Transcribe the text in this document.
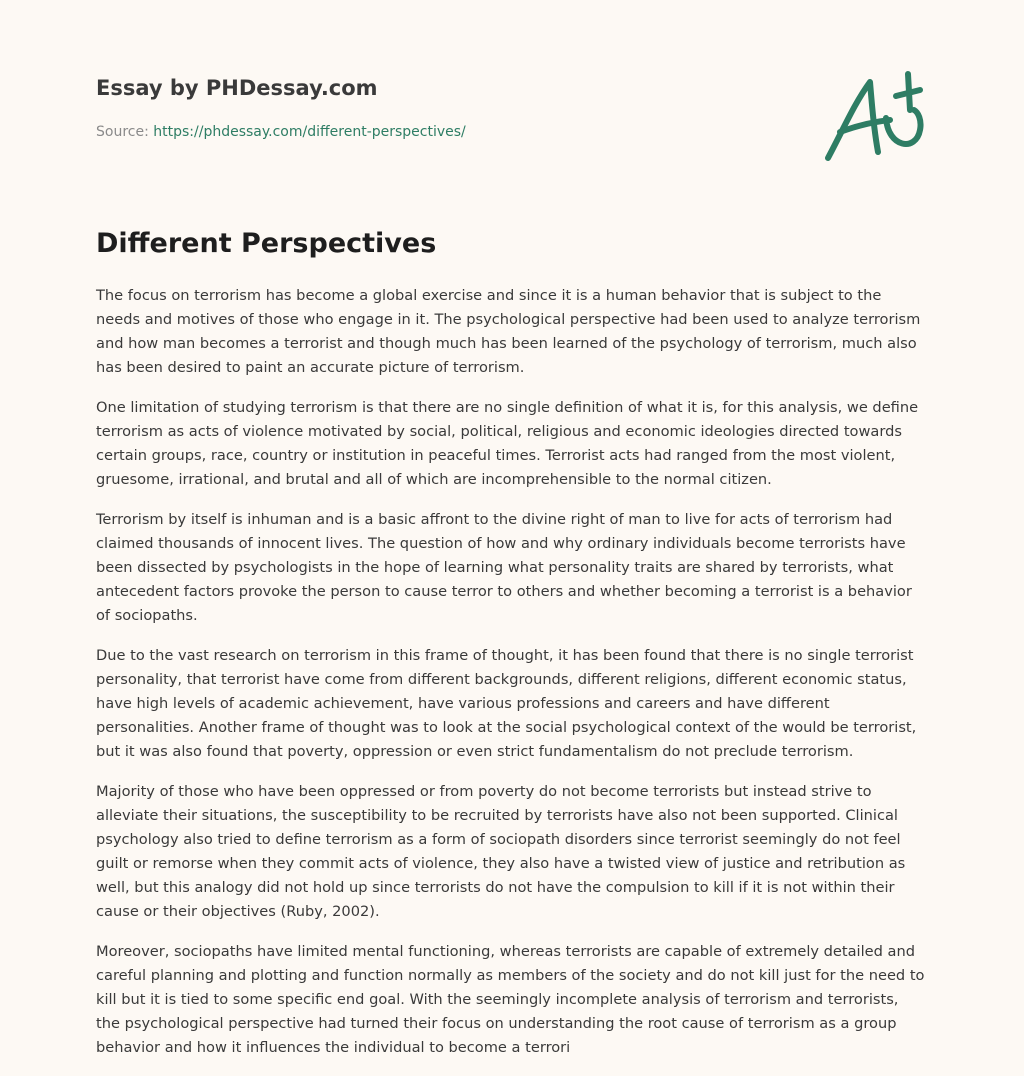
Essay by PHDessay.com

Source: https://phdessay.com/different-perspectives/

Different Perspectives

The focus on terrorism has become a global exercise and since it is a human behavior that is subject to the needs and motives of those who engage in it. The psychological perspective had been used to analyze terrorism and how man becomes a terrorist and though much has been learned of the psychology of terrorism, much also has been desired to paint an accurate picture of terrorism.

One limitation of studying terrorism is that there are no single definition of what it is, for this analysis, we define terrorism as acts of violence motivated by social, political, religious and economic ideologies directed towards certain groups, race, country or institution in peaceful times. Terrorist acts had ranged from the most violent, gruesome, irrational, and brutal and all of which are incomprehensible to the normal citizen.

Terrorism by itself is inhuman and is a basic affront to the divine right of man to live for acts of terrorism had claimed thousands of innocent lives. The question of how and why ordinary individuals become terrorists have been dissected by psychologists in the hope of learning what personality traits are shared by terrorists, what antecedent factors provoke the person to cause terror to others and whether becoming a terrorist is a behavior of sociopaths.

Due to the vast research on terrorism in this frame of thought, it has been found that there is no single terrorist personality, that terrorist have come from different backgrounds, different religions, different economic status, have high levels of academic achievement, have various professions and careers and have different personalities. Another frame of thought was to look at the social psychological context of the would be terrorist, but it was also found that poverty, oppression or even strict fundamentalism do not preclude terrorism.

Majority of those who have been oppressed or from poverty do not become terrorists but instead strive to alleviate their situations, the susceptibility to be recruited by terrorists have also not been supported. Clinical psychology also tried to define terrorism as a form of sociopath disorders since terrorist seemingly do not feel guilt or remorse when they commit acts of violence, they also have a twisted view of justice and retribution as well, but this analogy did not hold up since terrorists do not have the compulsion to kill if it is not within their cause or their objectives (Ruby, 2002).

Moreover, sociopaths have limited mental functioning, whereas terrorists are capable of extremely detailed and careful planning and plotting and function normally as members of the society and do not kill just for the need to kill but it is tied to some specific end goal. With the seemingly incomplete analysis of terrorism and terrorists, the psychological perspective had turned their focus on understanding the root cause of terrorism as a group behavior and how it influences the individual to become a terrori
